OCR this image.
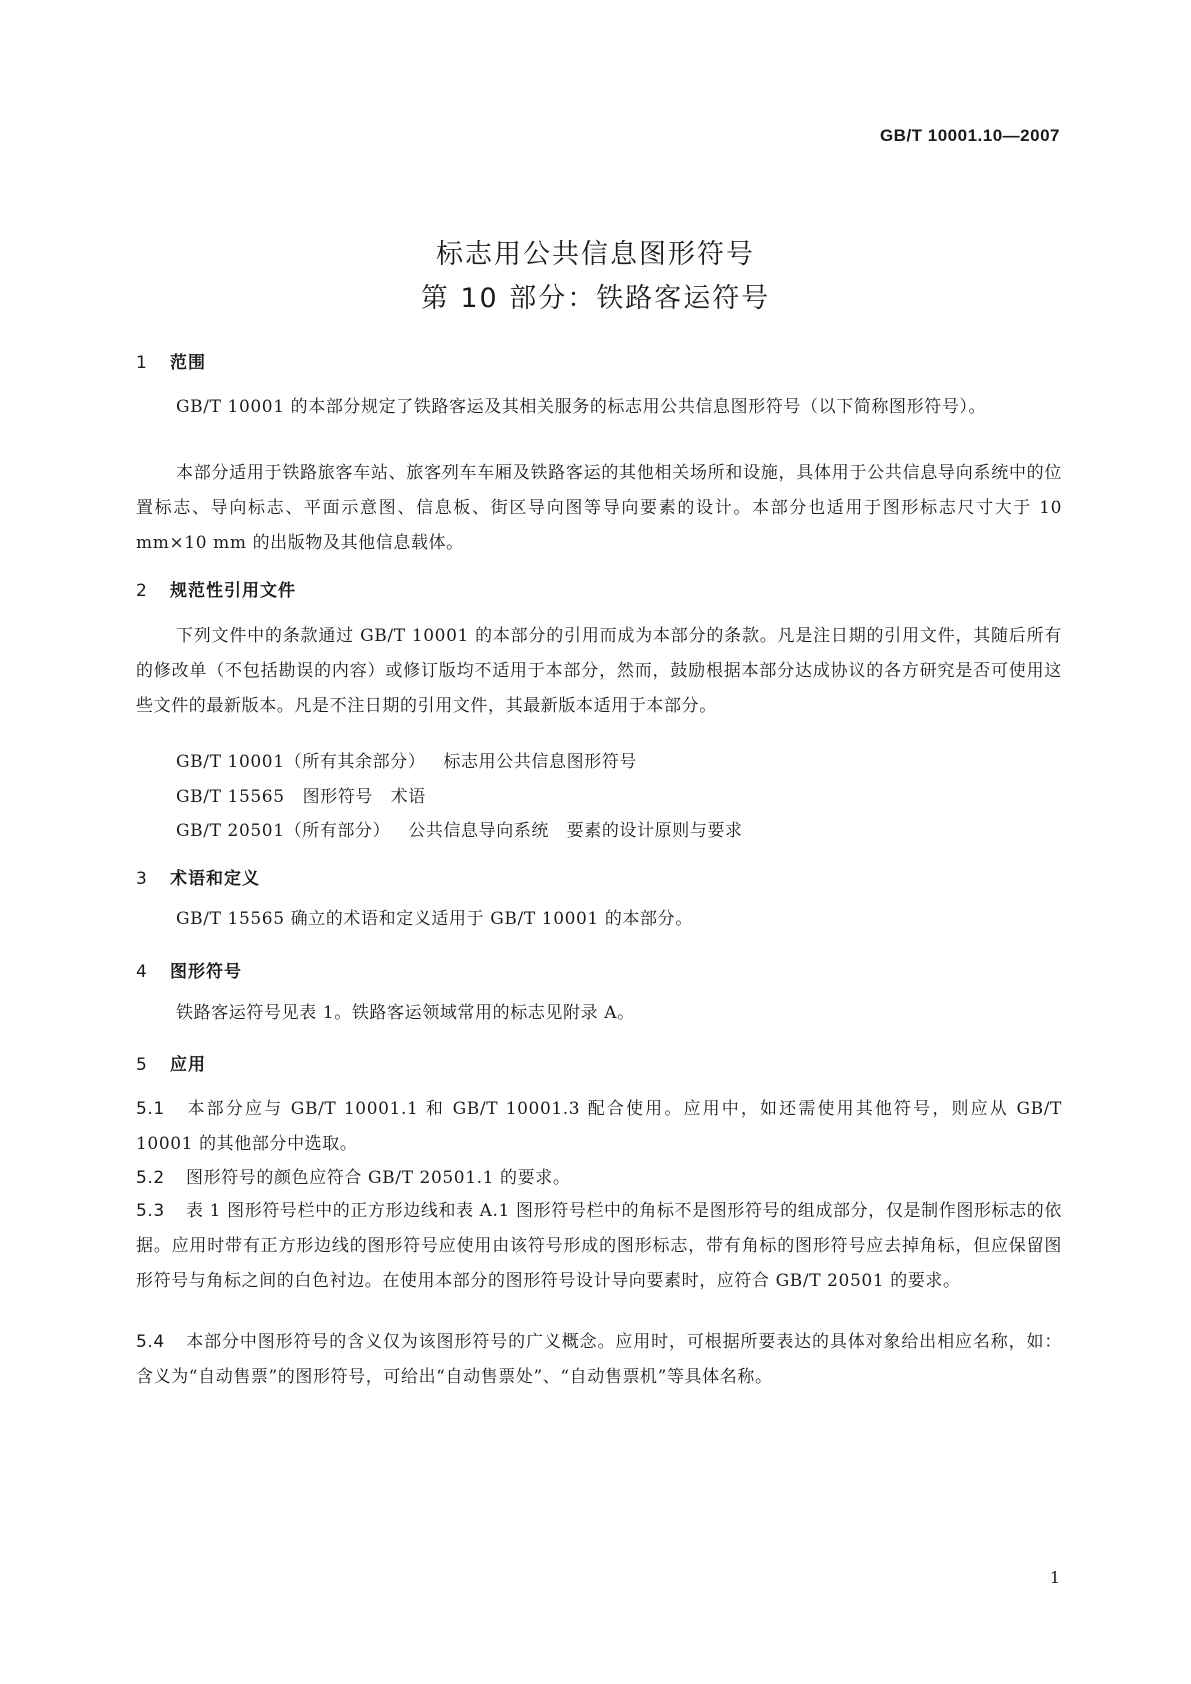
GB/T 10001.10—2007
标志用公共信息图形符号
第 10 部分：铁路客运符号
1 范围
GB/T 10001 的本部分规定了铁路客运及其相关服务的标志用公共信息图形符号（以下简称图形符号）。
本部分适用于铁路旅客车站、旅客列车车厢及铁路客运的其他相关场所和设施，具体用于公共信息导向系统中的位置标志、导向标志、平面示意图、信息板、街区导向图等导向要素的设计。本部分也适用于图形标志尺寸大于 10 mm×10 mm 的出版物及其他信息载体。
2 规范性引用文件
下列文件中的条款通过 GB/T 10001 的本部分的引用而成为本部分的条款。凡是注日期的引用文件，其随后所有的修改单（不包括勘误的内容）或修订版均不适用于本部分，然而，鼓励根据本部分达成协议的各方研究是否可使用这些文件的最新版本。凡是不注日期的引用文件，其最新版本适用于本部分。
GB/T 10001（所有其余部分） 标志用公共信息图形符号
GB/T 15565 图形符号　术语
GB/T 20501（所有部分） 公共信息导向系统　要素的设计原则与要求
3 术语和定义
GB/T 15565 确立的术语和定义适用于 GB/T 10001 的本部分。
4 图形符号
铁路客运符号见表 1。铁路客运领域常用的标志见附录 A。
5 应用
5.1 本部分应与 GB/T 10001.1 和 GB/T 10001.3 配合使用。应用中，如还需使用其他符号，则应从 GB/T 10001 的其他部分中选取。
5.2 图形符号的颜色应符合 GB/T 20501.1 的要求。
5.3 表 1 图形符号栏中的正方形边线和表 A.1 图形符号栏中的角标不是图形符号的组成部分，仅是制作图形标志的依据。应用时带有正方形边线的图形符号应使用由该符号形成的图形标志，带有角标的图形符号应去掉角标，但应保留图形符号与角标之间的白色衬边。在使用本部分的图形符号设计导向要素时，应符合 GB/T 20501 的要求。
5.4 本部分中图形符号的含义仅为该图形符号的广义概念。应用时，可根据所要表达的具体对象给出相应名称，如：含义为“自动售票”的图形符号，可给出“自动售票处”、“自动售票机”等具体名称。
1
